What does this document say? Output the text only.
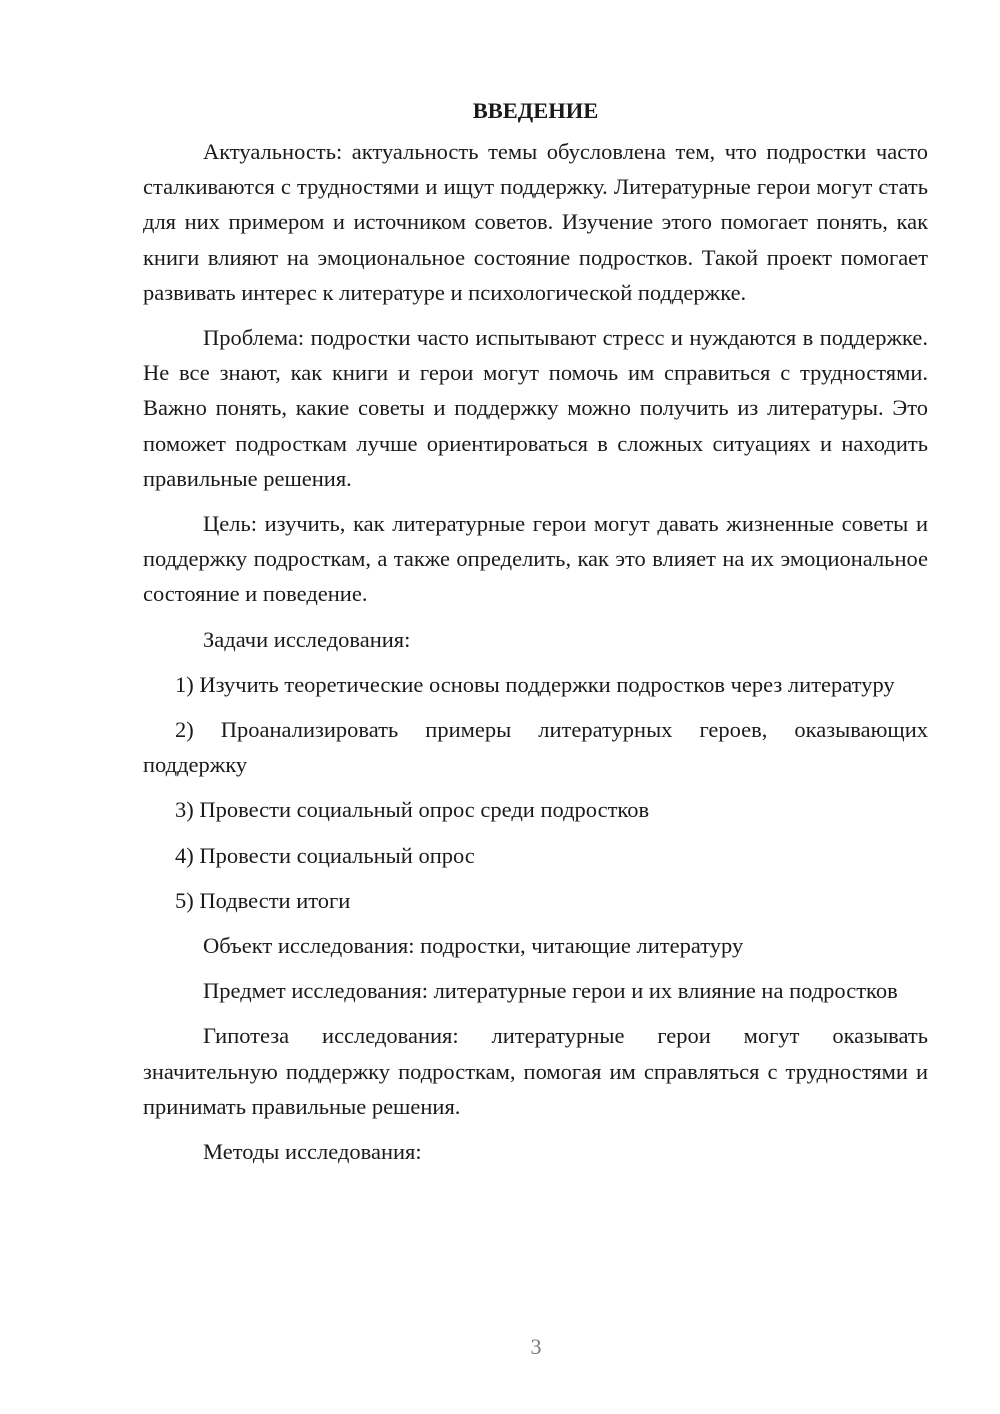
ВВЕДЕНИЕ

Актуальность: актуальность темы обусловлена тем, что подростки часто сталкиваются с трудностями и ищут поддержку. Литературные герои могут стать для них примером и источником советов. Изучение этого помогает понять, как книги влияют на эмоциональное состояние подростков. Такой проект помогает развивать интерес к литературе и психологической поддержке.

Проблема: подростки часто испытывают стресс и нуждаются в поддержке. Не все знают, как книги и герои могут помочь им справиться с трудностями. Важно понять, какие советы и поддержку можно получить из литературы. Это поможет подросткам лучше ориентироваться в сложных ситуациях и находить правильные решения.

Цель: изучить, как литературные герои могут давать жизненные советы и поддержку подросткам, а также определить, как это влияет на их эмоциональное состояние и поведение.

Задачи исследования:

1) Изучить теоретические основы поддержки подростков через литературу

2) Проанализировать примеры литературных героев, оказывающих поддержку

3) Провести социальный опрос среди подростков

4) Провести социальный опрос

5) Подвести итоги

Объект исследования: подростки, читающие литературу

Предмет исследования: литературные герои и их влияние на подростков

Гипотеза исследования: литературные герои могут оказывать значительную поддержку подросткам, помогая им справляться с трудностями и принимать правильные решения.

Методы исследования:

3
